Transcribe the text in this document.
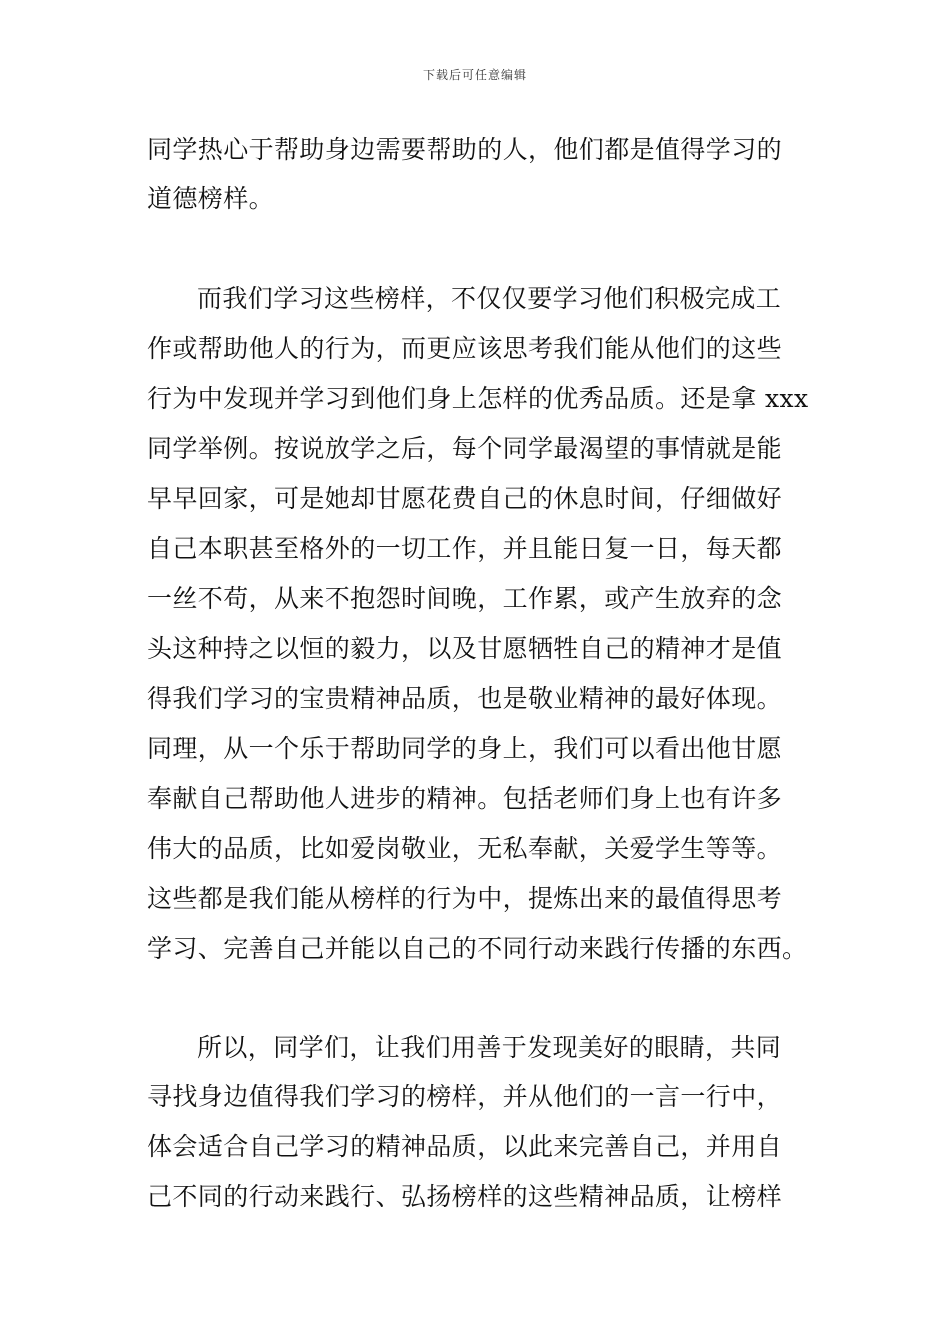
下载后可任意编辑
同学热心于帮助身边需要帮助的人，他们都是值得学习的
道德榜样。
而我们学习这些榜样，不仅仅要学习他们积极完成工
作或帮助他人的行为，而更应该思考我们能从他们的这些
行为中发现并学习到他们身上怎样的优秀品质。还是拿 xxx
同学举例。按说放学之后，每个同学最渴望的事情就是能
早早回家，可是她却甘愿花费自己的休息时间，仔细做好
自己本职甚至格外的一切工作，并且能日复一日，每天都
一丝不苟，从来不抱怨时间晚，工作累，或产生放弃的念
头这种持之以恒的毅力，以及甘愿牺牲自己的精神才是值
得我们学习的宝贵精神品质，也是敬业精神的最好体现。
同理，从一个乐于帮助同学的身上，我们可以看出他甘愿
奉献自己帮助他人进步的精神。包括老师们身上也有许多
伟大的品质，比如爱岗敬业，无私奉献，关爱学生等等。
这些都是我们能从榜样的行为中，提炼出来的最值得思考
学习、完善自己并能以自己的不同行动来践行传播的东西。
所以，同学们，让我们用善于发现美好的眼睛，共同
寻找身边值得我们学习的榜样，并从他们的一言一行中，
体会适合自己学习的精神品质，以此来完善自己，并用自
己不同的行动来践行、弘扬榜样的这些精神品质，让榜样
